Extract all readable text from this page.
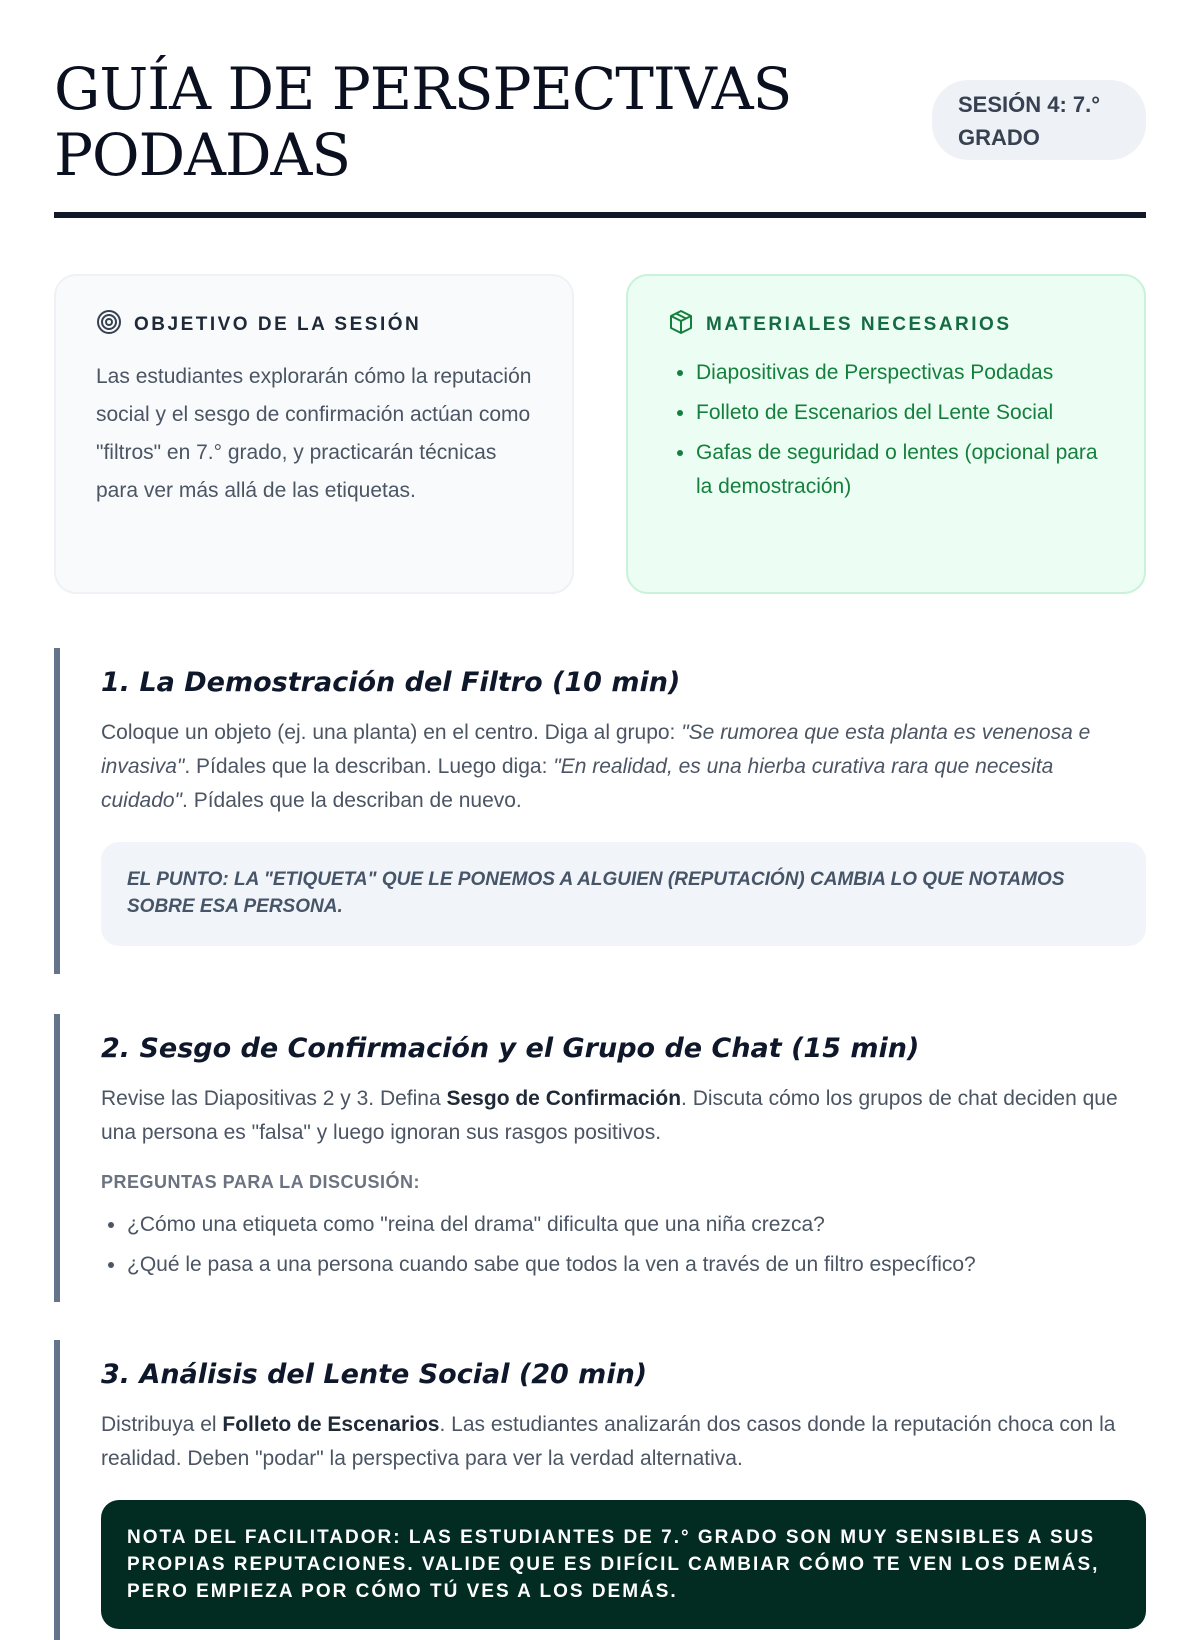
GUÍA DE PERSPECTIVAS PODADAS
SESIÓN 4: 7.° GRADO
OBJETIVO DE LA SESIÓN
Las estudiantes explorarán cómo la reputación social y el sesgo de confirmación actúan como "filtros" en 7.° grado, y practicarán técnicas para ver más allá de las etiquetas.
MATERIALES NECESARIOS
• Diapositivas de Perspectivas Podadas
• Folleto de Escenarios del Lente Social
• Gafas de seguridad o lentes (opcional para la demostración)
1. La Demostración del Filtro (10 min)

Coloque un objeto (ej. una planta) en el centro. Diga al grupo: "Se rumorea que esta planta es venenosa e invasiva". Pídales que la describan. Luego diga: "En realidad, es una hierba curativa rara que necesita cuidado". Pídales que la describan de nuevo.

EL PUNTO: LA "ETIQUETA" QUE LE PONEMOS A ALGUIEN (REPUTACIÓN) CAMBIA LO QUE NOTAMOS SOBRE ESA PERSONA.
2. Sesgo de Confirmación y el Grupo de Chat (15 min)

Revise las Diapositivas 2 y 3. Defina Sesgo de Confirmación. Discuta cómo los grupos de chat deciden que una persona es "falsa" y luego ignoran sus rasgos positivos.

PREGUNTAS PARA LA DISCUSIÓN:
• ¿Cómo una etiqueta como "reina del drama" dificulta que una niña crezca?
• ¿Qué le pasa a una persona cuando sabe que todos la ven a través de un filtro específico?
3. Análisis del Lente Social (20 min)

Distribuya el Folleto de Escenarios. Las estudiantes analizarán dos casos donde la reputación choca con la realidad. Deben "podar" la perspectiva para ver la verdad alternativa.

NOTA DEL FACILITADOR: LAS ESTUDIANTES DE 7.° GRADO SON MUY SENSIBLES A SUS PROPIAS REPUTACIONES. VALIDE QUE ES DIFÍCIL CAMBIAR CÓMO TE VEN LOS DEMÁS, PERO EMPIEZA POR CÓMO TÚ VES A LOS DEMÁS.
